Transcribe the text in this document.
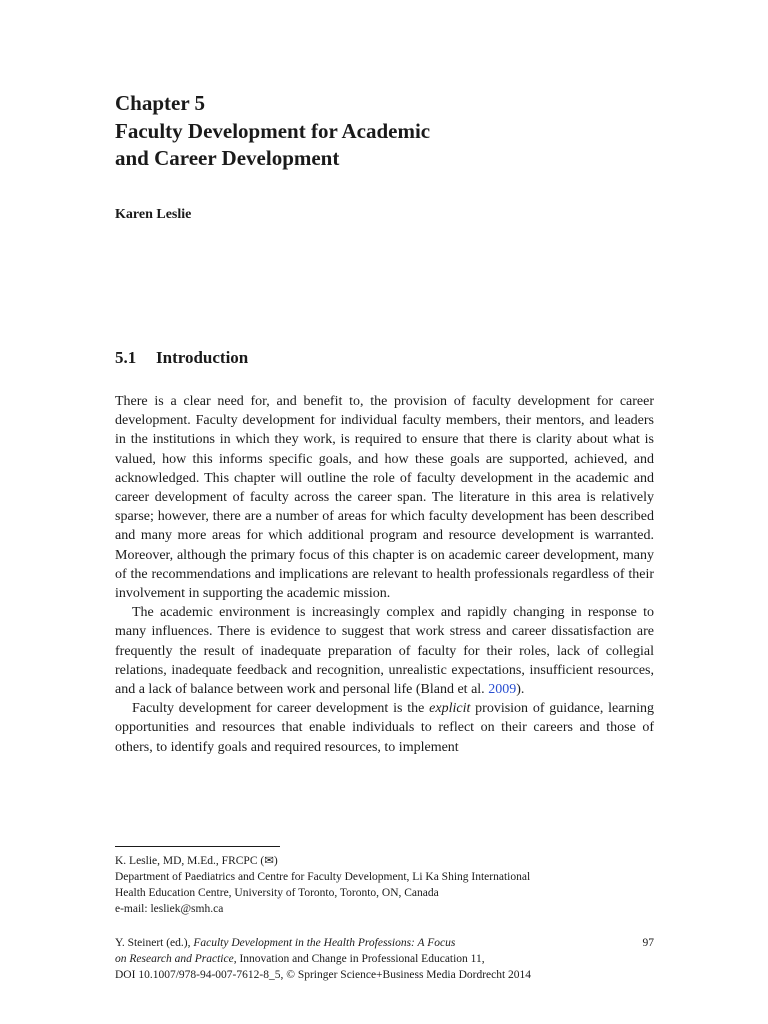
Chapter 5
Faculty Development for Academic
and Career Development
Karen Leslie
5.1 Introduction

There is a clear need for, and benefit to, the provision of faculty development for career development. Faculty development for individual faculty members, their mentors, and leaders in the institutions in which they work, is required to ensure that there is clarity about what is valued, how this informs specific goals, and how these goals are supported, achieved, and acknowledged. This chapter will outline the role of faculty development in the academic and career development of faculty across the career span. The literature in this area is relatively sparse; however, there are a number of areas for which faculty development has been described and many more areas for which additional program and resource development is warranted. Moreover, although the primary focus of this chapter is on academic career development, many of the recommendations and implications are relevant to health professionals regardless of their involvement in supporting the academic mission.

The academic environment is increasingly complex and rapidly changing in response to many influences. There is evidence to suggest that work stress and career dissatisfaction are frequently the result of inadequate preparation of faculty for their roles, lack of collegial relations, inadequate feedback and recognition, unrealistic expectations, insufficient resources, and a lack of balance between work and personal life (Bland et al. 2009).

Faculty development for career development is the explicit provision of guidance, learning opportunities and resources that enable individuals to reflect on their careers and those of others, to identify goals and required resources, to implement

K. Leslie, MD, M.Ed., FRCPC (✉)
Department of Paediatrics and Centre for Faculty Development, Li Ka Shing International
Health Education Centre, University of Toronto, Toronto, ON, Canada
e-mail: lesliek@smh.ca
97
Y. Steinert (ed.), Faculty Development in the Health Professions: A Focus
on Research and Practice, Innovation and Change in Professional Education 11,
DOI 10.1007/978-94-007-7612-8_5, © Springer Science+Business Media Dordrecht 2014
